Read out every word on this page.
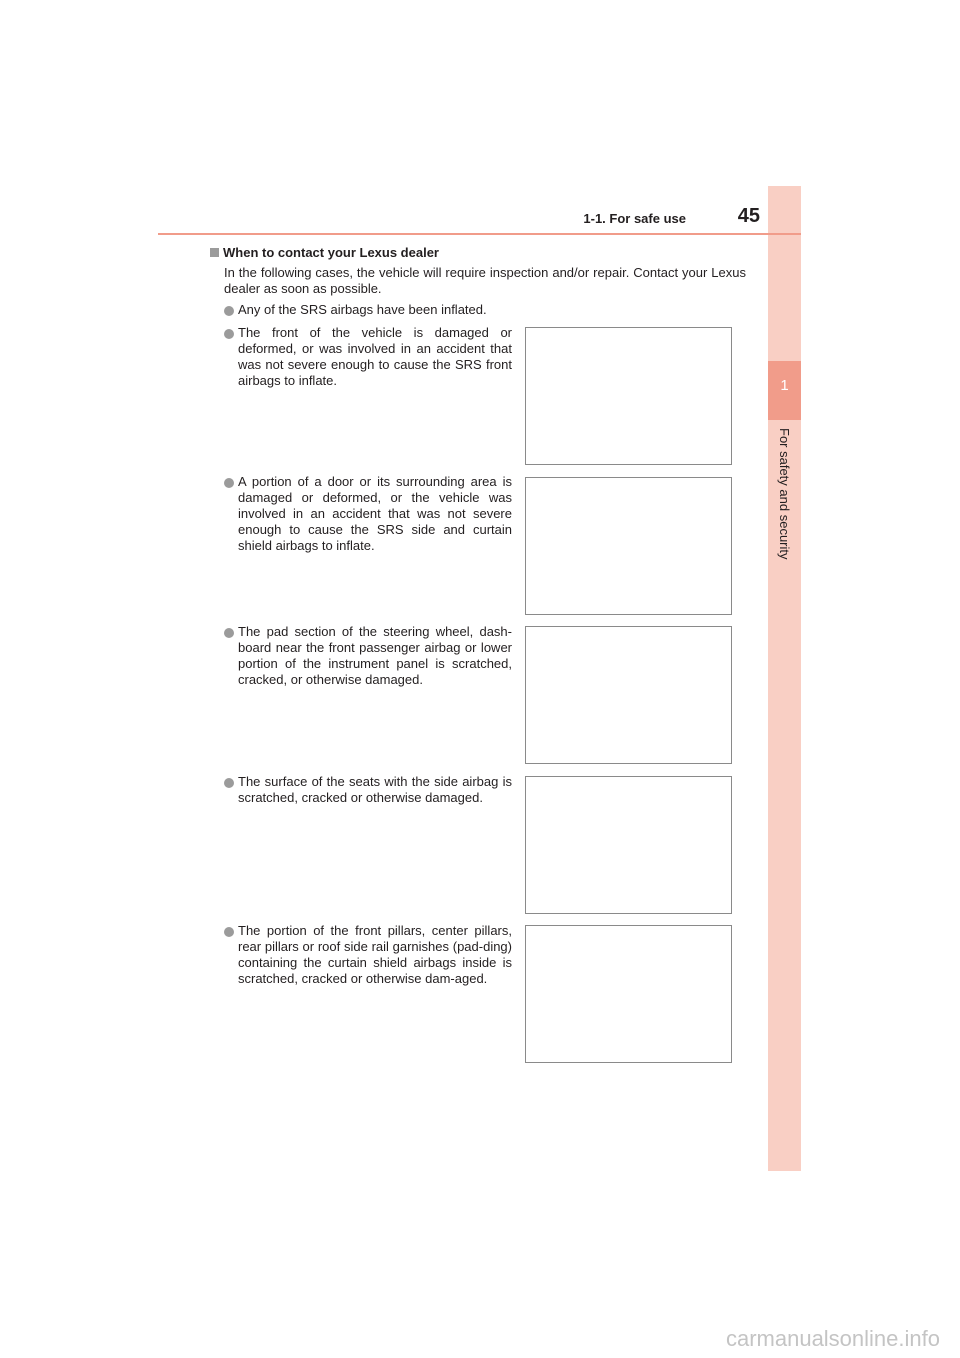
1
For safety and security
1-1. For safe use	45
When to contact your Lexus dealer
In the following cases, the vehicle will require inspection and/or repair. Contact your Lexus dealer as soon as possible.
Any of the SRS airbags have been inflated.
The front of the vehicle is damaged or deformed, or was involved in an accident that was not severe enough to cause the SRS front airbags to inflate.
A portion of a door or its surrounding area is damaged or deformed, or the vehicle was involved in an accident that was not severe enough to cause the SRS side and curtain shield airbags to inflate.
The pad section of the steering wheel, dash-board near the front passenger airbag or lower portion of the instrument panel is scratched, cracked, or otherwise damaged.
The surface of the seats with the side airbag is scratched, cracked or otherwise damaged.
The portion of the front pillars, center pillars, rear pillars or roof side rail garnishes (pad-ding) containing the curtain shield airbags inside is scratched, cracked or otherwise dam-aged.
carmanualsonline.info
